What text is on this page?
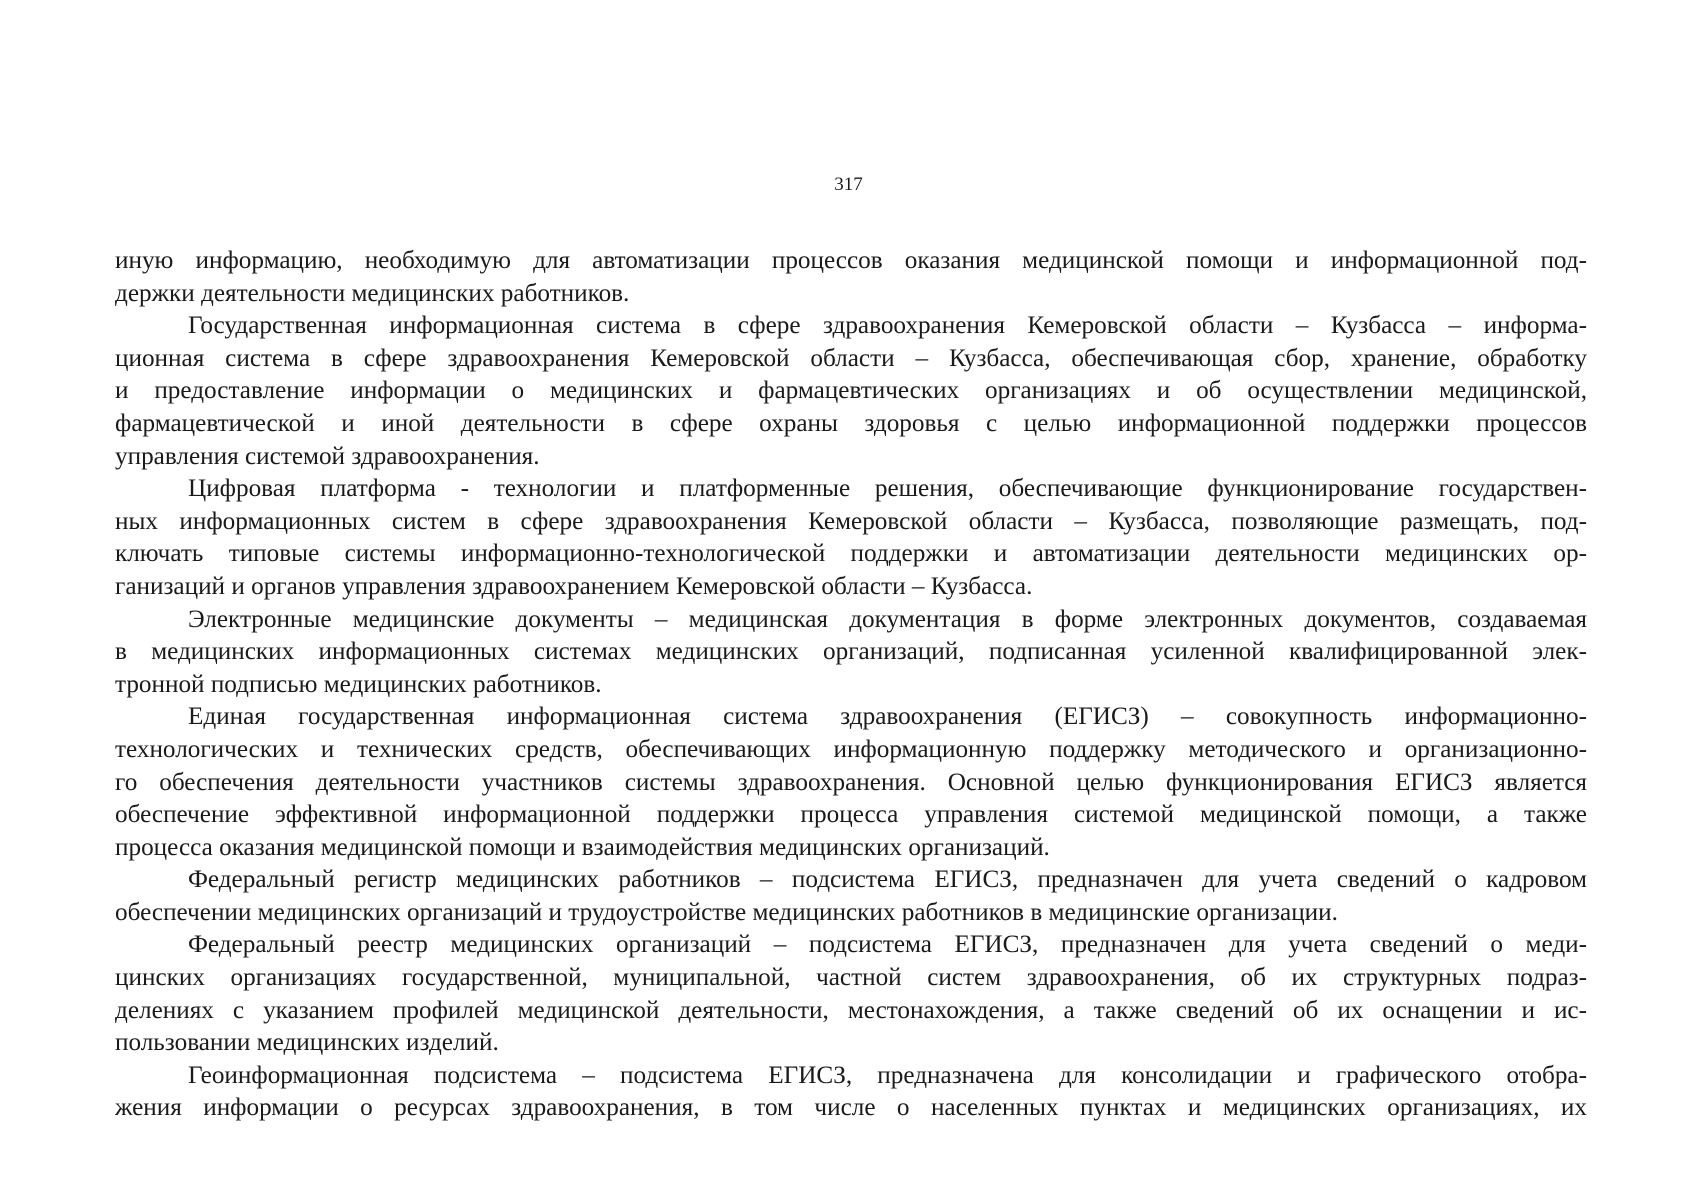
317
иную информацию, необходимую для автоматизации процессов оказания медицинской помощи и информационной под-
держки деятельности медицинских работников.
Государственная информационная система в сфере здравоохранения Кемеровской области – Кузбасса – информа-
ционная система в сфере здравоохранения Кемеровской области – Кузбасса, обеспечивающая сбор, хранение, обработку
и предоставление информации о медицинских и фармацевтических организациях и об осуществлении медицинской,
фармацевтической и иной деятельности в сфере охраны здоровья с целью информационной поддержки процессов
управления системой здравоохранения.
Цифровая платформа - технологии и платформенные решения, обеспечивающие функционирование государствен-
ных информационных систем в сфере здравоохранения Кемеровской области – Кузбасса, позволяющие размещать, под-
ключать типовые системы информационно-технологической поддержки и автоматизации деятельности медицинских ор-
ганизаций и органов управления здравоохранением Кемеровской области – Кузбасса.
Электронные медицинские документы – медицинская документация в форме электронных документов, создаваемая
в медицинских информационных системах медицинских организаций, подписанная усиленной квалифицированной элек-
тронной подписью медицинских работников.
Единая государственная информационная система здравоохранения (ЕГИСЗ) – совокупность информационно-
технологических и технических средств, обеспечивающих информационную поддержку методического и организационно-
го обеспечения деятельности участников системы здравоохранения. Основной целью функционирования ЕГИСЗ является
обеспечение эффективной информационной поддержки процесса управления системой медицинской помощи, а также
процесса оказания медицинской помощи и взаимодействия медицинских организаций.
Федеральный регистр медицинских работников – подсистема ЕГИСЗ, предназначен для учета сведений о кадровом
обеспечении медицинских организаций и трудоустройстве медицинских работников в медицинские организации.
Федеральный реестр медицинских организаций – подсистема ЕГИСЗ, предназначен для учета сведений о меди-
цинских организациях государственной, муниципальной, частной систем здравоохранения, об их структурных подраз-
делениях с указанием профилей медицинской деятельности, местонахождения, а также сведений об их оснащении и ис-
пользовании медицинских изделий.
Геоинформационная подсистема – подсистема ЕГИСЗ, предназначена для консолидации и графического отобра-
жения информации о ресурсах здравоохранения, в том числе о населенных пунктах и медицинских организациях, их
